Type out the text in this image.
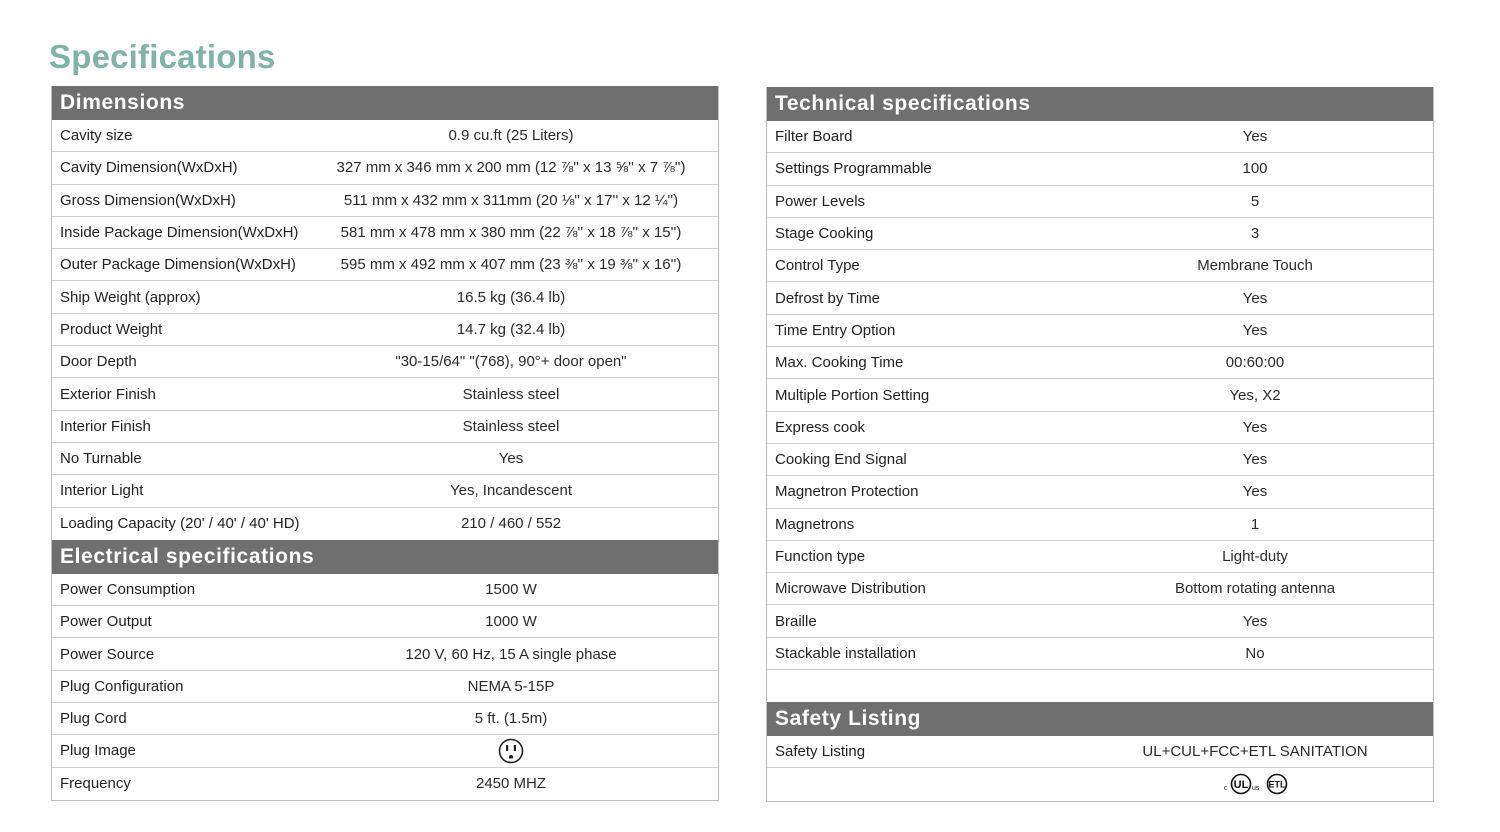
Specifications
Dimensions
Cavity size	0.9 cu.ft (25 Liters)
Cavity Dimension(WxDxH)	327 mm x 346 mm x 200 mm (12 ⅞'' x 13 ⅝'' x 7 ⅞'')
Gross Dimension(WxDxH)	511 mm x 432 mm x 311mm (20 ⅛'' x 17'' x 12 ¼'')
Inside Package Dimension(WxDxH)	581 mm x 478 mm x 380 mm (22 ⅞'' x 18 ⅞'' x 15'')
Outer Package Dimension(WxDxH)	595 mm x 492 mm x 407 mm (23 ⅜'' x 19 ⅜'' x 16'')
Ship Weight (approx)	16.5 kg (36.4 lb)
Product Weight	14.7 kg (32.4 lb)
Door Depth	"30-15/64" "(768), 90°+ door open"
Exterior Finish	Stainless steel
Interior Finish	Stainless steel
No Turnable	Yes
Interior Light	Yes, Incandescent
Loading Capacity (20' / 40' / 40' HD)	210 / 460 / 552
Electrical specifications
Power Consumption	1500 W
Power Output	1000 W
Power Source	120 V, 60 Hz, 15 A single phase
Plug Configuration	NEMA 5-15P
Plug Cord	5 ft. (1.5m)
Plug Image
Frequency	2450 MHZ
Technical specifications
Filter Board	Yes
Settings Programmable	100
Power Levels	5
Stage Cooking	3
Control Type	Membrane Touch
Defrost by Time	Yes
Time Entry Option	Yes
Max. Cooking Time	00:60:00
Multiple Portion Setting	Yes, X2
Express cook	Yes
Cooking End Signal	Yes
Magnetron Protection	Yes
Magnetrons	1
Function type	Light-duty
Microwave Distribution	Bottom rotating antenna
Braille	Yes
Stackable installation	No
Safety Listing
Safety Listing	UL+CUL+FCC+ETL SANITATION
c UL us ETL
